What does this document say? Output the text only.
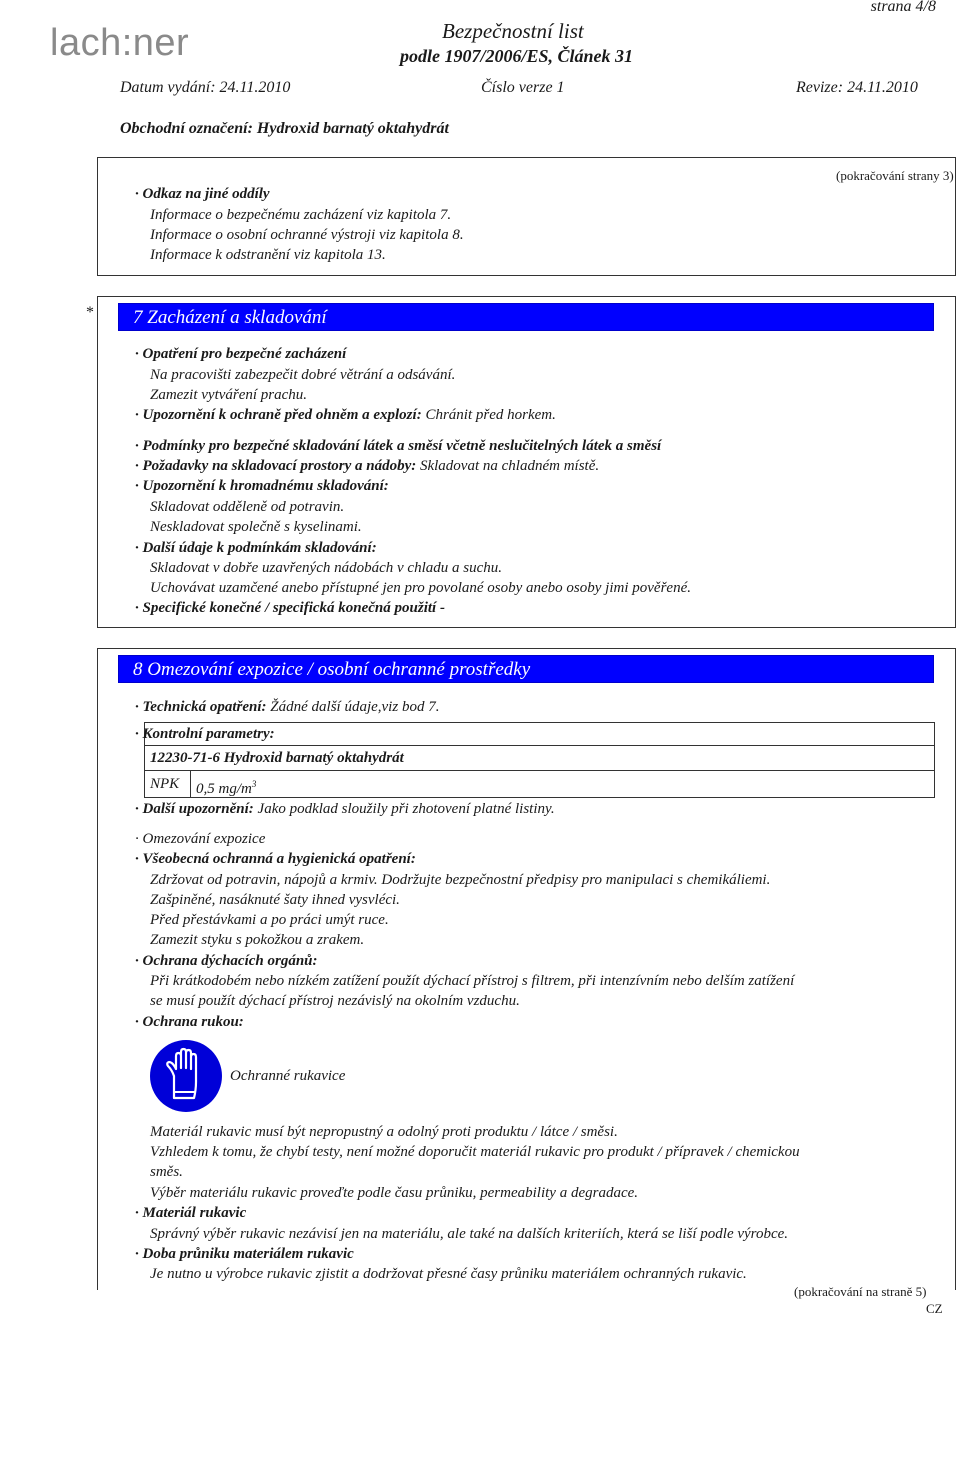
lach:ner
strana 4/8
Bezpečnostní list
podle 1907/2006/ES, Článek 31
Datum vydání: 24.11.2010	Číslo verze 1	Revize: 24.11.2010
Obchodní označení: Hydroxid barnatý oktahydrát
(pokračování strany 3)
· Odkaz na jiné oddíly
Informace o bezpečnému zacházení viz kapitola 7.
Informace o osobní ochranné výstroji viz kapitola 8.
Informace k odstranění viz kapitola 13.
* 7 Zacházení a skladování
· Opatření pro bezpečné zacházení
Na pracovišti zabezpečit dobré větrání a odsávání.
Zamezit vytváření prachu.
· Upozornění k ochraně před ohněm a explozí: Chránit před horkem.
· Podmínky pro bezpečné skladování látek a směsí včetně neslučitelných látek a směsí
· Požadavky na skladovací prostory a nádoby: Skladovat na chladném místě.
· Upozornění k hromadnému skladování:
Skladovat odděleně od potravin.
Neskladovat společně s kyselinami.
· Další údaje k podmínkám skladování:
Skladovat v dobře uzavřených nádobách v chladu a suchu.
Uchovávat uzamčené anebo přístupné jen pro povolané osoby anebo osoby jimi pověřené.
· Specifické konečné / specifická konečná použití -
8 Omezování expozice / osobní ochranné prostředky
· Technická opatření: Žádné další údaje,viz bod 7.
· Kontrolní parametry:
12230-71-6 Hydroxid barnatý oktahydrát
NPK 0,5 $mg/m^3$
· Další upozornění: Jako podklad sloužily při zhotovení platné listiny.
· Omezování expozice
· Všeobecná ochranná a hygienická opatření:
Zdržovat od potravin, nápojů a krmiv. Dodržujte bezpečnostní předpisy pro manipulaci s chemikáliemi.
Zašpiněné, nasáknuté šaty ihned vysvléci.
Před přestávkami a po práci umýt ruce.
Zamezit styku s pokožkou a zrakem.
· Ochrana dýchacích orgánů:
Při krátkodobém nebo nízkém zatížení použít dýchací přístroj s filtrem, při intenzívním nebo delším zatížení
se musí použít dýchací přístroj nezávislý na okolním vzduchu.
· Ochrana rukou:
Ochranné rukavice
Materiál rukavic musí být nepropustný a odolný proti produktu / látce / směsi.
Vzhledem k tomu, že chybí testy, není možné doporučit materiál rukavic pro produkt / přípravek / chemickou
směs.
Výběr materiálu rukavic proveďte podle času průniku, permeability a degradace.
· Materiál rukavic
Správný výběr rukavic nezávisí jen na materiálu, ale také na dalších kriteriích, která se liší podle výrobce.
· Doba průniku materiálem rukavic
Je nutno u výrobce rukavic zjistit a dodržovat přesné časy průniku materiálem ochranných rukavic.
(pokračování na straně 5)
CZ
